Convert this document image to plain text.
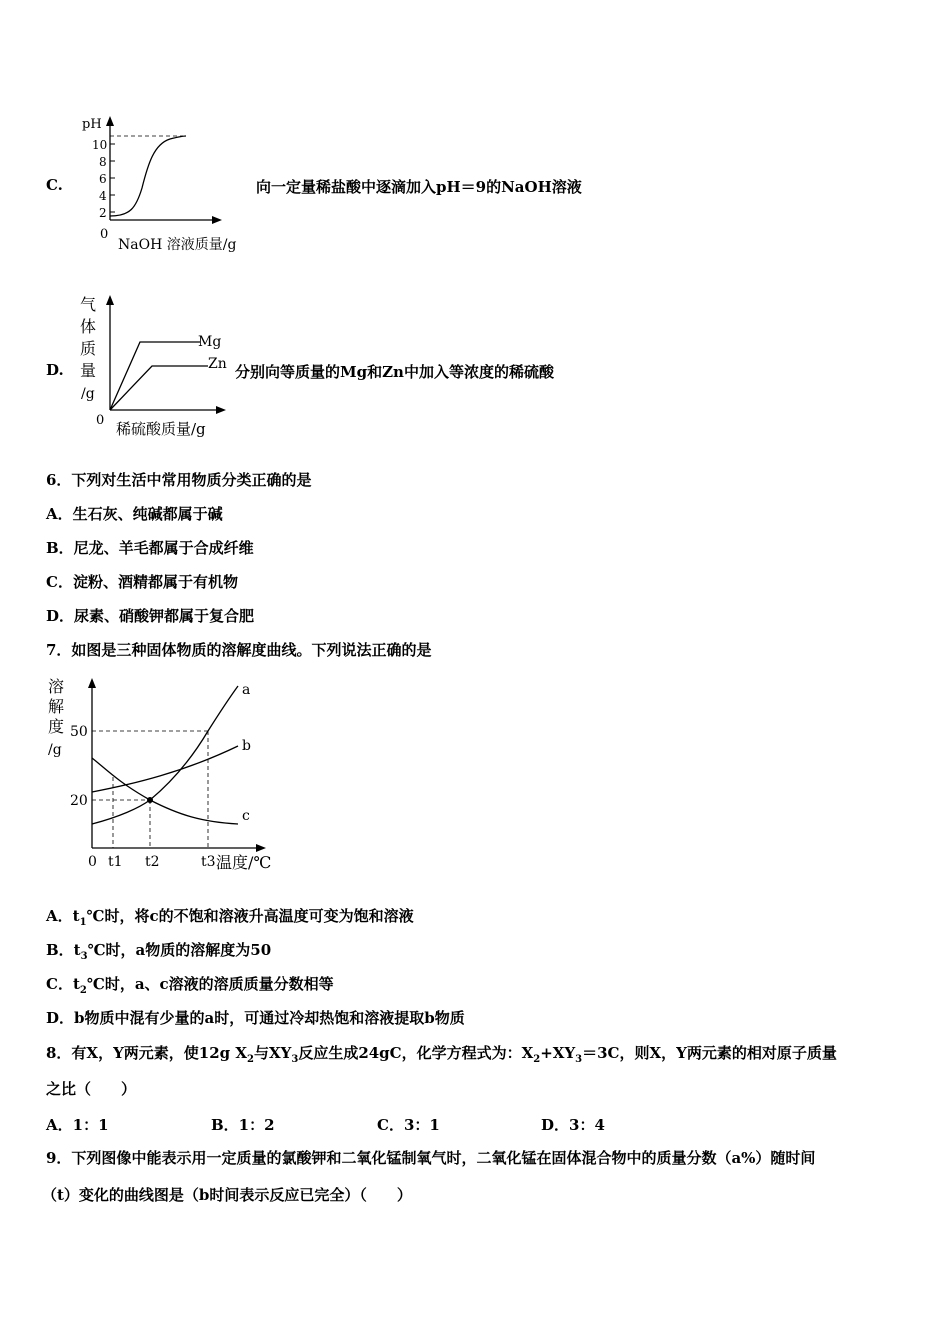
C.
pH
2
4
6
8
10
0
NaOH 溶液质量/g
向一定量稀盐酸中逐滴加入pH＝9的NaOH溶液
D.
气
体
质
量
/g
Mg
Zn
0 稀硫酸质量/g
分别向等质量的Mg和Zn中加入等浓度的稀硫酸
6．下列对生活中常用物质分类正确的是
A．生石灰、纯碱都属于碱
B．尼龙、羊毛都属于合成纤维
C．淀粉、酒精都属于有机物
D．尿素、硝酸钾都属于复合肥
7．如图是三种固体物质的溶解度曲线。下列说法正确的是
溶
解
度
/g
50
20
a
b
c
0 t1 t2	t3 温度/℃
A．$t_1℃$时，将c的不饱和溶液升高温度可变为饱和溶液
B．$t_3℃$时，a物质的溶解度为50
C．$t_2℃$时，a、c溶液的溶质质量分数相等
D．b物质中混有少量的a时，可通过冷却热饱和溶液提取b物质
8．有X，Y两元素，使12g $X_2$与$XY_3$反应生成24gC，化学方程式为：$X_2+XY_3=3C$，则X，Y两元素的相对原子质量
之比（　　）
A．1：1	B．1：2	C．3：1	D．3：4
9．下列图像中能表示用一定质量的氯酸钾和二氧化锰制氧气时，二氧化锰在固体混合物中的质量分数（a%）随时间
（t）变化的曲线图是（b时间表示反应已完全）（　　）
